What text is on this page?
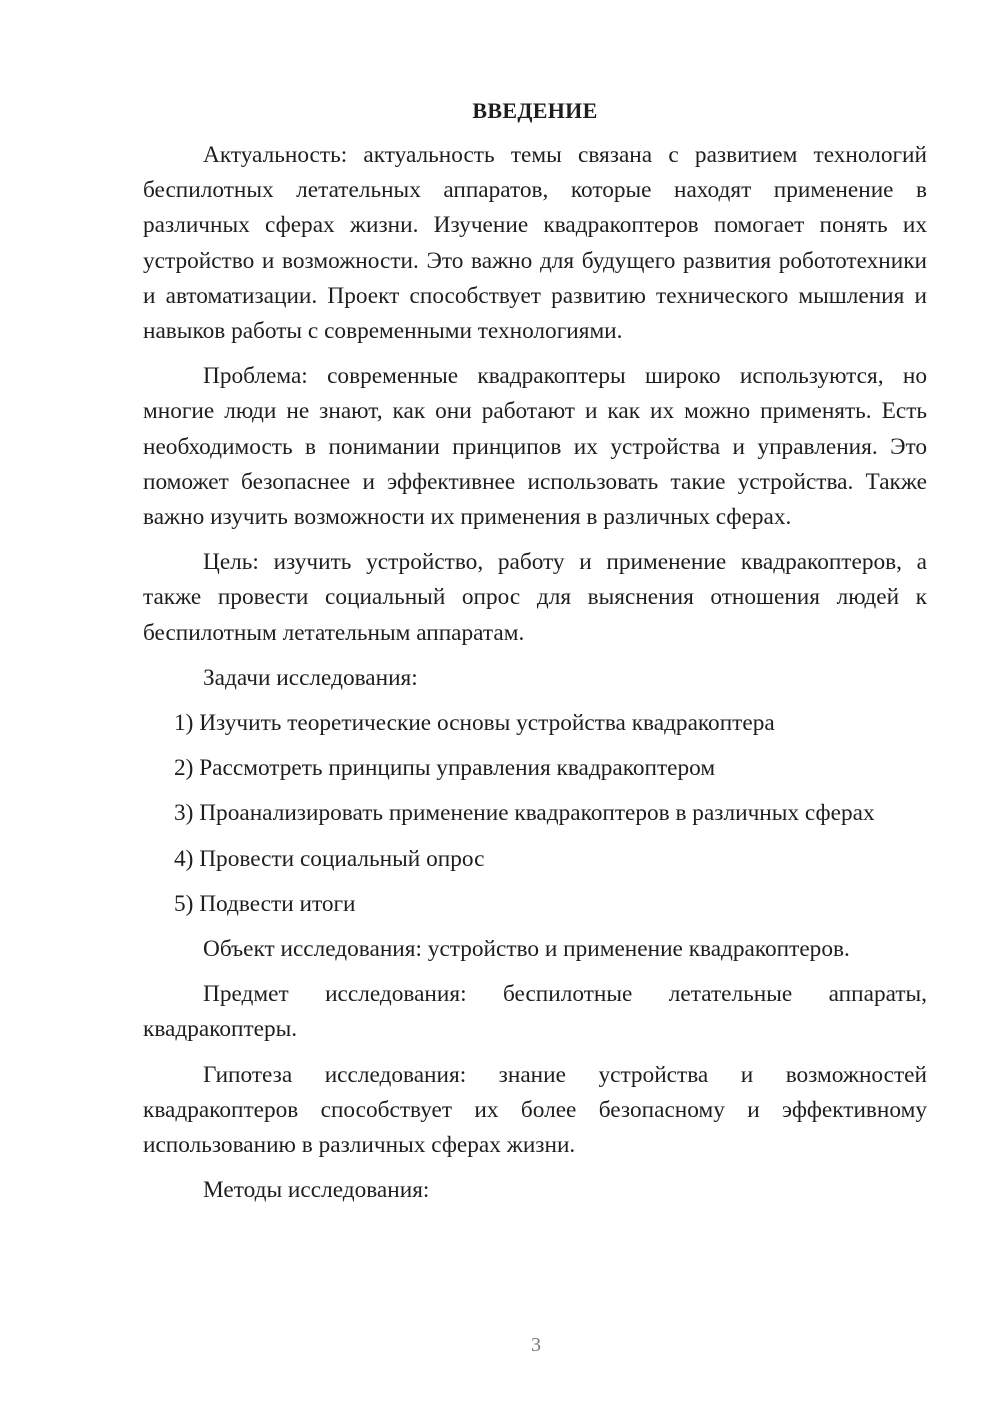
ВВЕДЕНИЕ

Актуальность: актуальность темы связана с развитием технологий беспилотных летательных аппаратов, которые находят применение в различных сферах жизни. Изучение квадракоптеров помогает понять их устройство и возможности. Это важно для будущего развития робототехники и автоматизации. Проект способствует развитию технического мышления и навыков работы с современными технологиями.

Проблема: современные квадракоптеры широко используются, но многие люди не знают, как они работают и как их можно применять. Есть необходимость в понимании принципов их устройства и управления. Это поможет безопаснее и эффективнее использовать такие устройства. Также важно изучить возможности их применения в различных сферах.

Цель: изучить устройство, работу и применение квадракоптеров, а также провести социальный опрос для выяснения отношения людей к беспилотным летательным аппаратам.

Задачи исследования:

1) Изучить теоретические основы устройства квадракоптера
2) Рассмотреть принципы управления квадракоптером
3) Проанализировать применение квадракоптеров в различных сферах
4) Провести социальный опрос
5) Подвести итоги

Объект исследования: устройство и применение квадракоптеров.

Предмет исследования: беспилотные летательные аппараты, квадракоптеры.

Гипотеза исследования: знание устройства и возможностей квадракоптеров способствует их более безопасному и эффективному использованию в различных сферах жизни.

Методы исследования:

3
